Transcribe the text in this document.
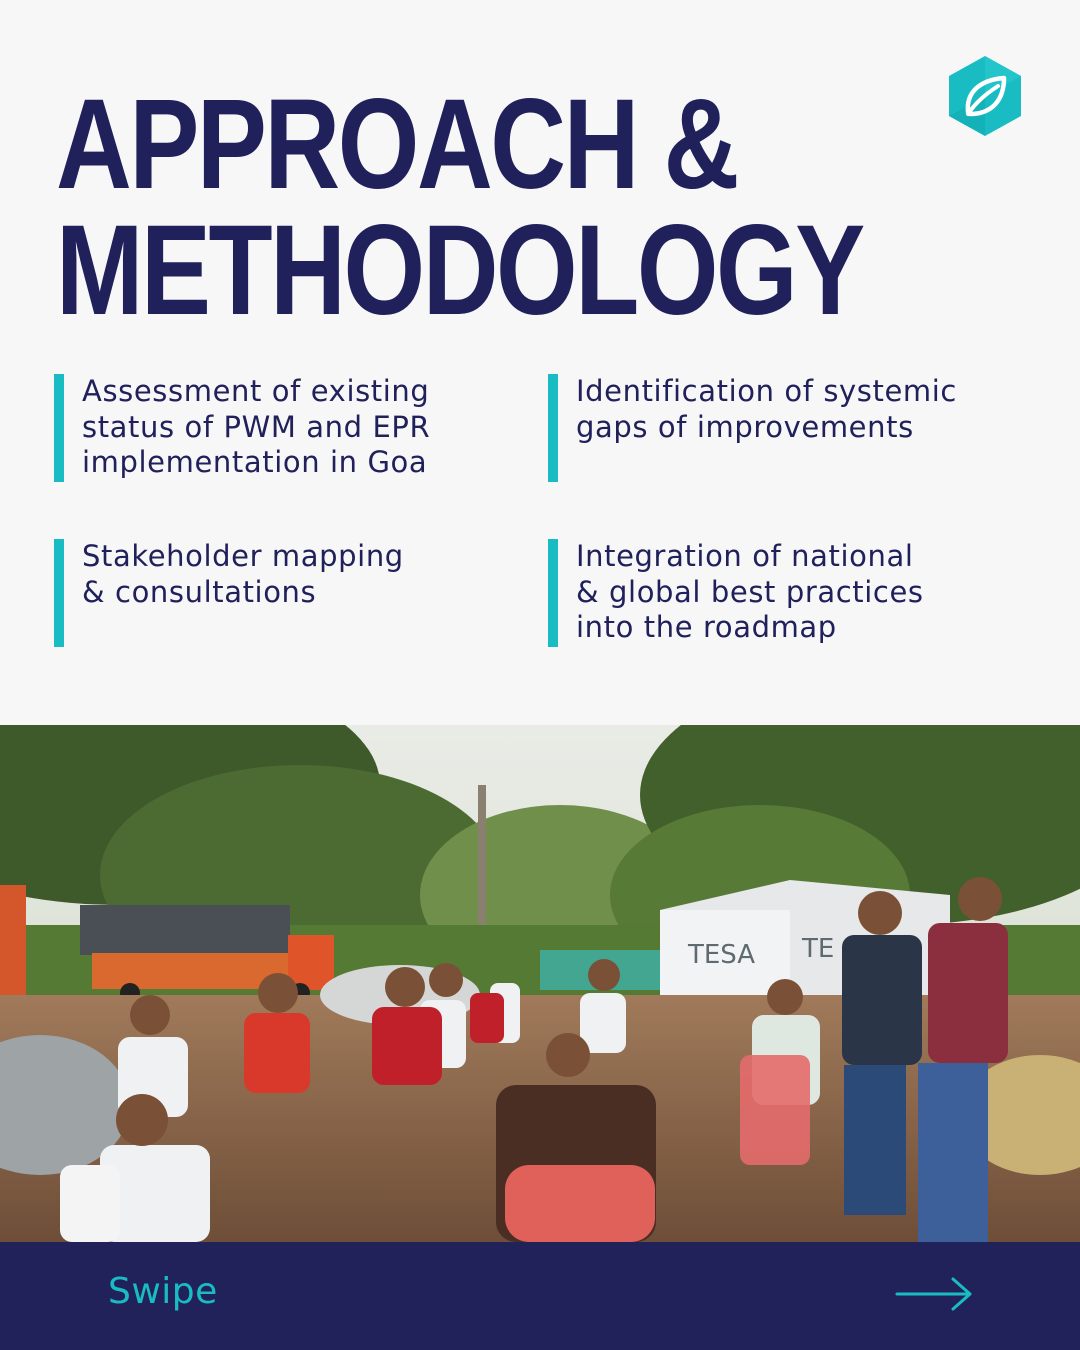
APPROACH &
METHODOLOGY
Assessment of existing
status of PWM and EPR
implementation in Goa
Identification of systemic
gaps of improvements
Stakeholder mapping
& consultations
Integration of national
& global best practices
into the roadmap
TESA TE
Swipe
